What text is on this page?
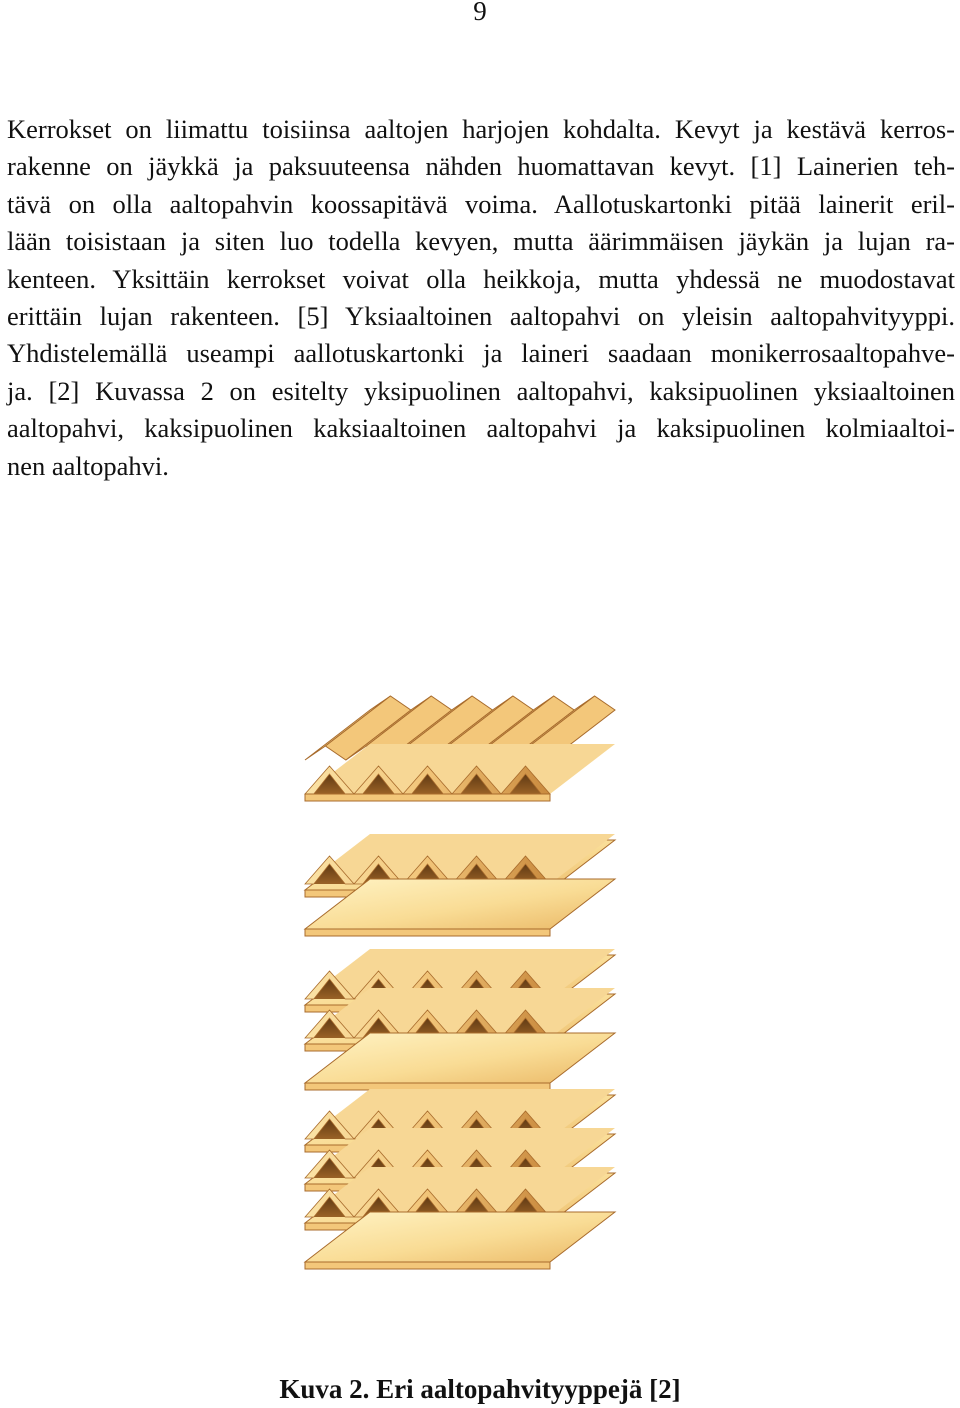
9
Kerrokset on liimattu toisiinsa aaltojen harjojen kohdalta. Kevyt ja kestävä kerros-
rakenne on jäykkä ja paksuuteensa nähden huomattavan kevyt. [1] Lainerien teh-
tävä on olla aaltopahvin koossapitävä voima. Aallotuskartonki pitää lainerit eril-
lään toisistaan ja siten luo todella kevyen, mutta äärimmäisen jäykän ja lujan ra-
kenteen. Yksittäin kerrokset voivat olla heikkoja, mutta yhdessä ne muodostavat
erittäin lujan rakenteen. [5] Yksiaaltoinen aaltopahvi on yleisin aaltopahvityyppi.
Yhdistelemällä useampi aallotuskartonki ja laineri saadaan monikerrosaaltopahve-
ja. [2] Kuvassa 2 on esitelty yksipuolinen aaltopahvi, kaksipuolinen yksiaaltoinen
aaltopahvi, kaksipuolinen kaksiaaltoinen aaltopahvi ja kaksipuolinen kolmiaaltoi-
nen aaltopahvi.
Kuva 2. Eri aaltopahvityyppejä [2]
